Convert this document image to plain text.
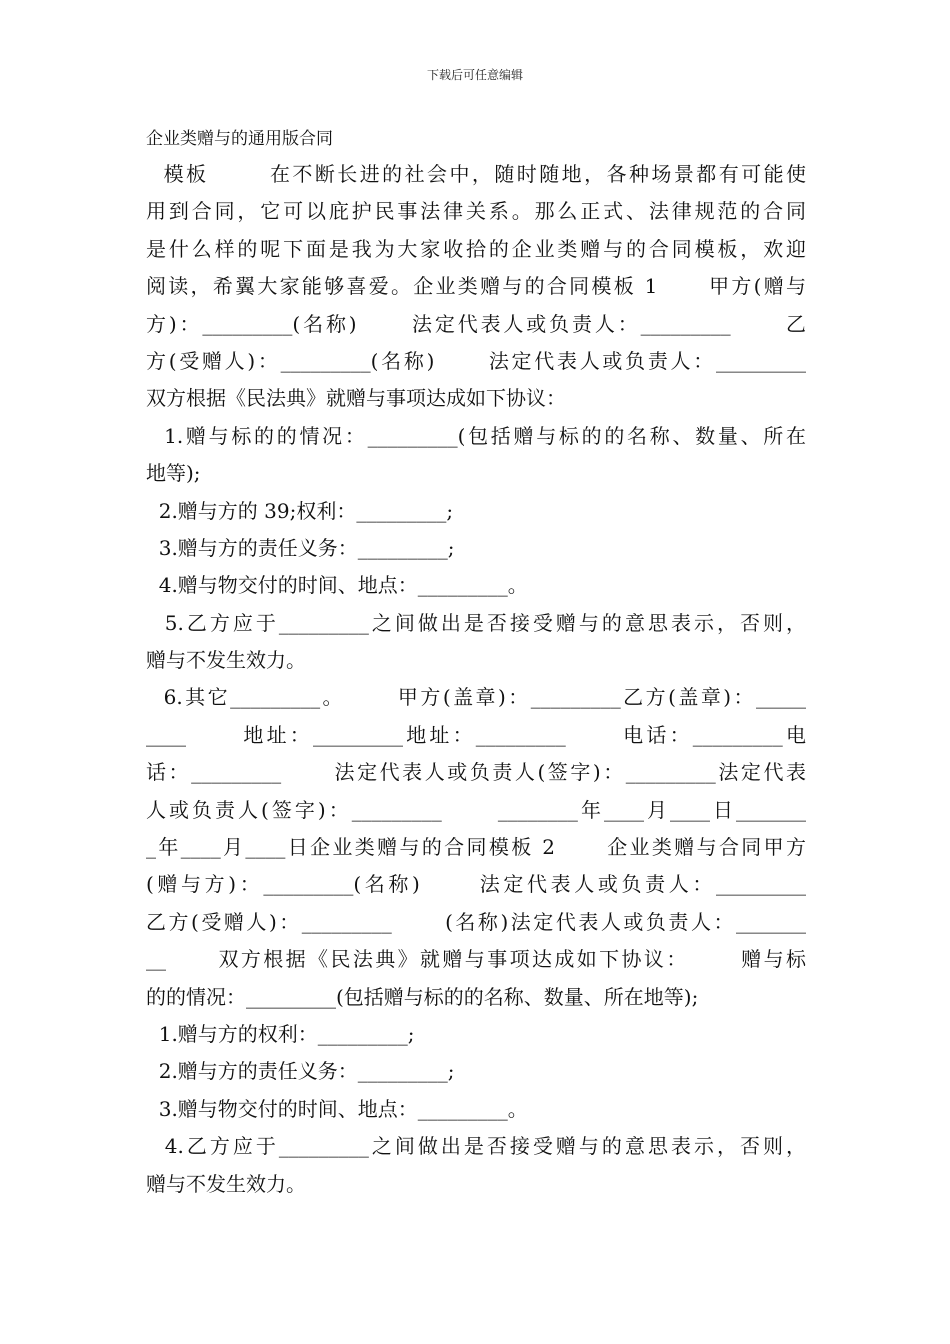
下载后可任意编辑
企业类赠与的通用版合同
模板       在不断长进的社会中，随时随地，各种场景都有可能使
用到合同，它可以庇护民事法律关系。那么正式、法律规范的合同
是什么样的呢下面是我为大家收拾的企业类赠与的合同模板，欢迎
阅读，希翼大家能够喜爱。企业类赠与的合同模板 1      甲方(赠与
方)：_________(名称)      法定代表人或负责人：_________      乙
方(受赠人)：_________(名称)      法定代表人或负责人：_________
双方根据《民法典》就赠与事项达成如下协议：
1.赠与标的的情况：_________(包括赠与标的的名称、数量、所在
地等);
2.赠与方的 39;权利：_________;
3.赠与方的责任义务：_________;
4.赠与物交付的时间、地点：_________。
5.乙方应于_________之间做出是否接受赠与的意思表示，否则，
赠与不发生效力。
6.其它_________。      甲方(盖章)：_________乙方(盖章)：_____
____      地址：_________地址：_________      电话：_________电
话：_________      法定代表人或负责人(签字)：_________法定代表
人或负责人(签字)：_________      ________年____月____日_______
_年____月____日企业类赠与的合同模板 2      企业类赠与合同甲方
(赠与方)：_________(名称)      法定代表人或负责人：_________
乙方(受赠人)：_________      (名称)法定代表人或负责人：_______
__      双方根据《民法典》就赠与事项达成如下协议：      赠与标
的的情况：_________(包括赠与标的的名称、数量、所在地等);
1.赠与方的权利：_________;
2.赠与方的责任义务：_________;
3.赠与物交付的时间、地点：_________。
4.乙方应于_________之间做出是否接受赠与的意思表示，否则，
赠与不发生效力。
